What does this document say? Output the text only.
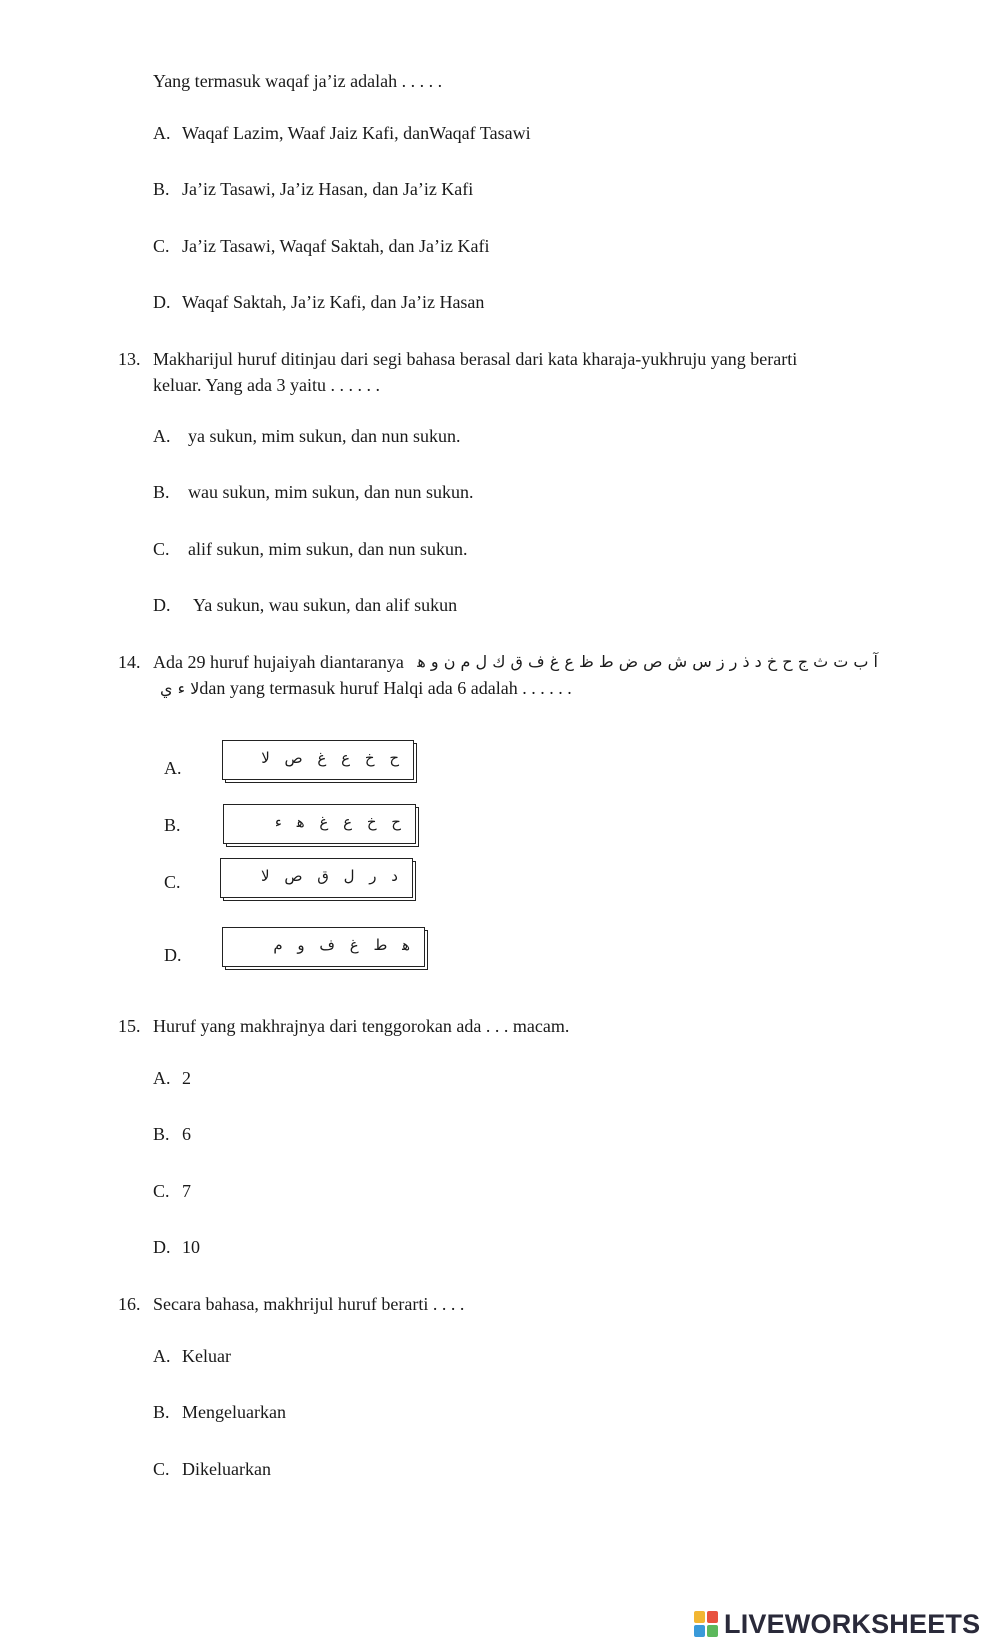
Yang termasuk waqaf ja’iz adalah . . . . .
A. Waqaf Lazim, Waaf Jaiz Kafi, danWaqaf Tasawi
B. Ja’iz Tasawi, Ja’iz Hasan, dan Ja’iz Kafi
C. Ja’iz Tasawi, Waqaf Saktah, dan Ja’iz Kafi
D. Waqaf Saktah, Ja’iz Kafi, dan Ja’iz Hasan
13. Makharijul huruf ditinjau dari segi bahasa berasal dari kata kharaja-yukhruju yang berarti
keluar. Yang ada 3 yaitu . . . . . .
A. ya sukun, mim sukun, dan nun sukun.
B. wau sukun, mim sukun, dan nun sukun.
C. alif sukun, mim sukun, dan nun sukun.
D. Ya sukun, wau sukun, dan alif sukun
14. Ada 29 huruf hujaiyah diantaranya آ ب ت ث ج ح خ د ذ ر ز س ش ص ض ط ظ ع غ ف ق ك ل م ن و ﻫ
لا ء يdan yang termasuk huruf Halqi ada 6 adalah . . . . . .
A.	ح خ ع غ ص لا
B.	ح خ ع غ ﻫ ء
C.	د ر ل ق ص لا
D.	ﻫ ط غ ف و م
15. Huruf yang makhrajnya dari tenggorokan ada . . . macam.
A. 2
B. 6
C. 7
D. 10
16. Secara bahasa, makhrijul huruf berarti . . . .
A. Keluar
B. Mengeluarkan
C. Dikeluarkan
LIVEWORKSHEETS
